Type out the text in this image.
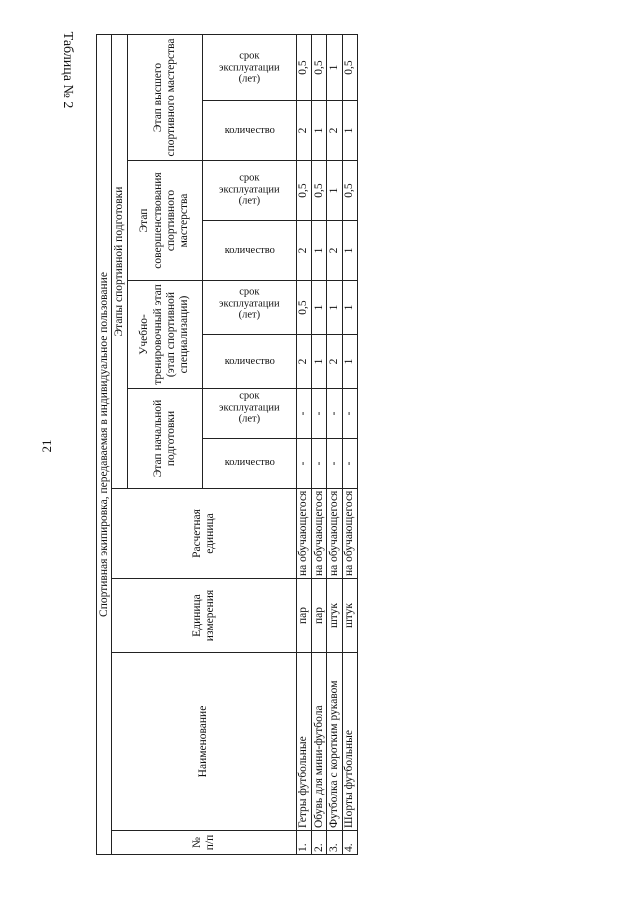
21
Таблица № 2
Спортивная экипировка, передаваемая в индивидуальное пользование											
№ п/п	Наименование	Единица измерения	Расчетная единица	Этапы спортивной подготовки							
				Этап начальной подготовки		Учебно-тренировочный этап (этап спортивной специализации)		Этап совершенствования спортивного мастерства		Этап высшего спортивного мастерства	
				количество	срок
эксплуатации
(лет)	количество	срок
эксплуатации
(лет)	количество	срок
эксплуатации
(лет)	количество	срок
эксплуатации
(лет)
1.	Гетры футбольные	пар	на обучающегося	-	-	2	0,5	2	0,5	2	0,5
2.	Обувь для мини-футбола	пар	на обучающегося	-	-	1	1	1	0,5	1	0,5
3.	Футболка с коротким рукавом	штук	на обучающегося	-	-	2	1	2	1	2	1
4.	Шорты футбольные	штук	на обучающегося	-	-	1	1	1	0,5	1	0,5
